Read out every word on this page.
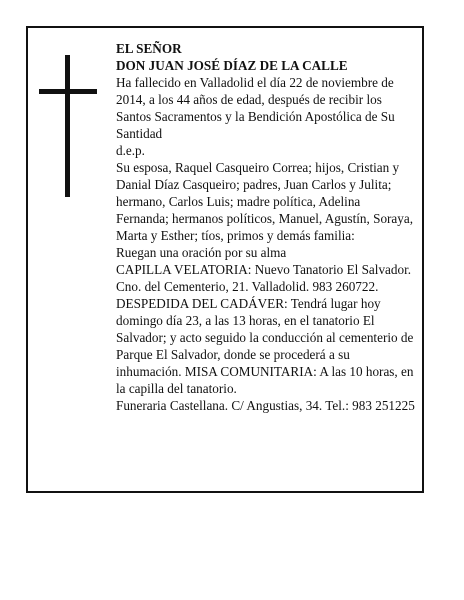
EL SEÑOR

DON JUAN JOSÉ DÍAZ DE LA CALLE

Ha fallecido en Valladolid el día 22 de noviembre de 2014, a los 44 años de edad, después de recibir los Santos Sacramentos y la Bendición Apostólica de Su Santidad

d.e.p.

Su esposa, Raquel Casqueiro Correa; hijos, Cristian y Danial Díaz Casqueiro; padres, Juan Carlos y Julita; hermano, Carlos Luis; madre política, Adelina Fernanda; hermanos políticos, Manuel, Agustín, Soraya, Marta y Esther; tíos, primos y demás familia:

Ruegan una oración por su alma

CAPILLA VELATORIA: Nuevo Tanatorio El Salvador. Cno. del Cementerio, 21. Valladolid. 983 260722.

DESPEDIDA DEL CADÁVER: Tendrá lugar hoy domingo día 23, a las 13 horas, en el tanatorio El Salvador; y acto seguido la conducción al cementerio de Parque El Salvador, donde se procederá a su inhumación. MISA COMUNITARIA: A las 10 horas, en la capilla del tanatorio.

Funeraria Castellana. C/ Angustias, 34. Tel.: 983 251225
